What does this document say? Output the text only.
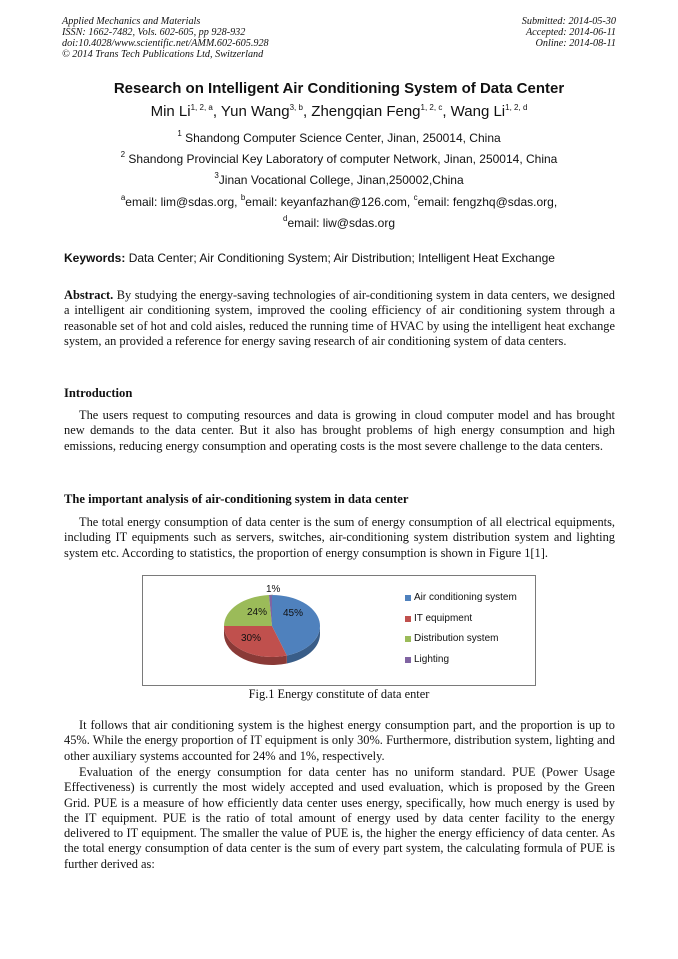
Applied Mechanics and Materials
ISSN: 1662-7482, Vols. 602-605, pp 928-932
doi:10.4028/www.scientific.net/AMM.602-605.928
© 2014 Trans Tech Publications Ltd, Switzerland
Submitted: 2014-05-30
Accepted: 2014-06-11
Online: 2014-08-11
Research on Intelligent Air Conditioning System of Data Center
Min Li$^{1, 2, a}$, Yun Wang$^{3, b}$, Zhengqian Feng$^{1, 2, c}$, Wang Li$^{1, 2, d}$
$^1$ Shandong Computer Science Center, Jinan, 250014, China
$^2$ Shandong Provincial Key Laboratory of computer Network, Jinan, 250014, China
$^3$Jinan Vocational College, Jinan,250002,China
$^a$email: lim@sdas.org, $^b$email: keyanfazhan@126.com, $^c$email: fengzhq@sdas.org,
$^d$email: liw@sdas.org
Keywords: Data Center; Air Conditioning System; Air Distribution; Intelligent Heat Exchange
Abstract. By studying the energy-saving technologies of air-conditioning system in data centers, we designed a intelligent air conditioning system, improved the cooling efficiency of air conditioning system through a reasonable set of hot and cold aisles, reduced the running time of HVAC by using the intelligent heat exchange system, an provided a reference for energy saving research of air conditioning system of data centers.
Introduction
The users request to computing resources and data is growing in cloud computer model and has brought new demands to the data center. But it also has brought problems of high energy consumption and high emissions, reducing energy consumption and operating costs is the most severe challenge to the data centers.
The important analysis of air-conditioning system in data center
The total energy consumption of data center is the sum of energy consumption of all electrical equipments, including IT equipments such as servers, switches, air-conditioning system distribution system and lighting system etc. According to statistics, the proportion of energy consumption is shown in Figure 1[1].
1%
45%
24%
30%
Air conditioning system
IT equipment
Distribution system
Lighting
Fig.1 Energy constitute of data enter
It follows that air conditioning system is the highest energy consumption part, and the proportion is up to 45%. While the energy proportion of IT equipment is only 30%. Furthermore, distribution system, lighting and other auxiliary systems accounted for 24% and 1%, respectively.
Evaluation of the energy consumption for data center has no uniform standard. PUE (Power Usage Effectiveness) is currently the most widely accepted and used evaluation, which is proposed by the Green Grid. PUE is a measure of how efficiently data center uses energy, specifically, how much energy is used by the IT equipment. PUE is the ratio of total amount of energy used by data center facility to the energy delivered to IT equipment. The smaller the value of PUE is, the higher the energy efficiency of data center. As the total energy consumption of data center is the sum of every part system, the calculating formula of PUE is further derived as:
